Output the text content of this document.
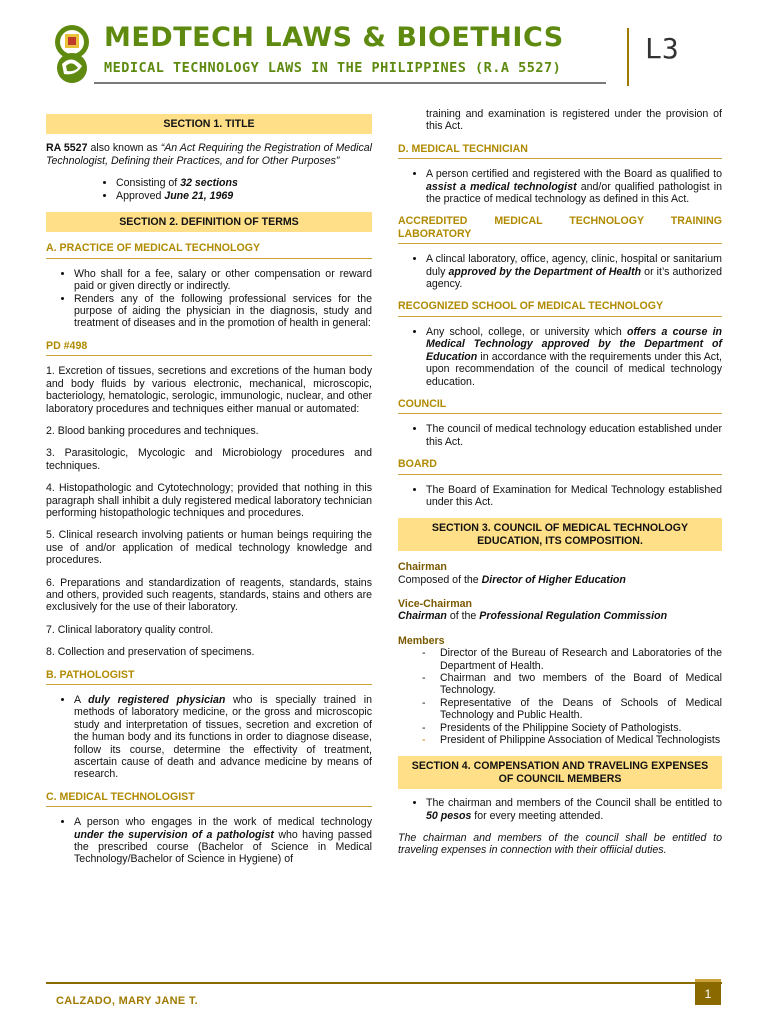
MEDTECH LAWS & BIOETHICS
MEDICAL TECHNOLOGY LAWS IN THE PHILIPPINES (R.A 5527)
L3
SECTION 1. TITLE

RA 5527 also known as “An Act Requiring the Registration of Medical Technologist, Defining their Practices, and for Other Purposes”

• Consisting of 32 sections
• Approved June 21, 1969
SECTION 2. DEFINITION OF TERMS
A. PRACTICE OF MEDICAL TECHNOLOGY
• Who shall for a fee, salary or other compensation or reward paid or given directly or indirectly.
• Renders any of the following professional services for the purpose of aiding the physician in the diagnosis, study and treatment of diseases and in the promotion of health in general:
PD #498

1. Excretion of tissues, secretions and excretions of the human body and body fluids by various electronic, mechanical, microscopic, bacteriology, hematologic, serologic, immunologic, nuclear, and other laboratory procedures and techniques either manual or automated:

2. Blood banking procedures and techniques.

3. Parasitologic, Mycologic and Microbiology procedures and techniques.

4. Histopathologic and Cytotechnology; provided that nothing in this paragraph shall inhibit a duly registered medical laboratory technician performing histopathologic techniques and procedures.

5. Clinical research involving patients or human beings requiring the use of and/or application of medical technology knowledge and procedures.

6. Preparations and standardization of reagents, standards, stains and others, provided such reagents, standards, stains and others are exclusively for the use of their laboratory.

7. Clinical laboratory quality control.

8. Collection and preservation of specimens.

B. PATHOLOGIST
• A duly registered physician who is specially trained in methods of laboratory medicine, or the gross and microscopic study and interpretation of tissues, secretion and excretion of the human body and its functions in order to diagnose disease, follow its course, determine the effectivity of treatment, ascertain cause of death and advance medicine by means of research.
C. MEDICAL TECHNOLOGIST
• A person who engages in the work of medical technology under the supervision of a pathologist who having passed the prescribed course (Bachelor of Science in Medical Technology/Bachelor of Science in Hygiene) of

training and examination is registered under the provision of this Act.

D. MEDICAL TECHNICIAN
• A person certified and registered with the Board as qualified to assist a medical technologist and/or qualified pathologist in the practice of medical technology as defined in this Act.
ACCREDITED MEDICAL TECHNOLOGY TRAINING LABORATORY
• A clincal laboratory, office, agency, clinic, hospital or sanitarium duly approved by the Department of Health or it’s authorized agency.
RECOGNIZED SCHOOL OF MEDICAL TECHNOLOGY
• Any school, college, or university which offers a course in Medical Technology approved by the Department of Education in accordance with the requirements under this Act, upon recommendation of the council of medical technology education.
COUNCIL
• The council of medical technology education established under this Act.
BOARD
• The Board of Examination for Medical Technology established under this Act.
SECTION 3. COUNCIL OF MEDICAL TECHNOLOGY EDUCATION, ITS COMPOSITION.
Chairman
Composed of the Director of Higher Education
Vice-Chairman
Chairman of the Professional Regulation Commission
Members
- Director of the Bureau of Research and Laboratories of the Department of Health.
- Chairman and two members of the Board of Medical Technology.
- Representative of the Deans of Schools of Medical Technology and Public Health.
- Presidents of the Philippine Society of Pathologists.
- President of Philippine Association of Medical Technologists
SECTION 4. COMPENSATION AND TRAVELING EXPENSES OF COUNCIL MEMBERS
• The chairman and members of the Council shall be entitled to 50 pesos for every meeting attended.

The chairman and members of the council shall be entitled to traveling expenses in connection with their offiicial duties.

CALZADO, MARY JANE T.	1
